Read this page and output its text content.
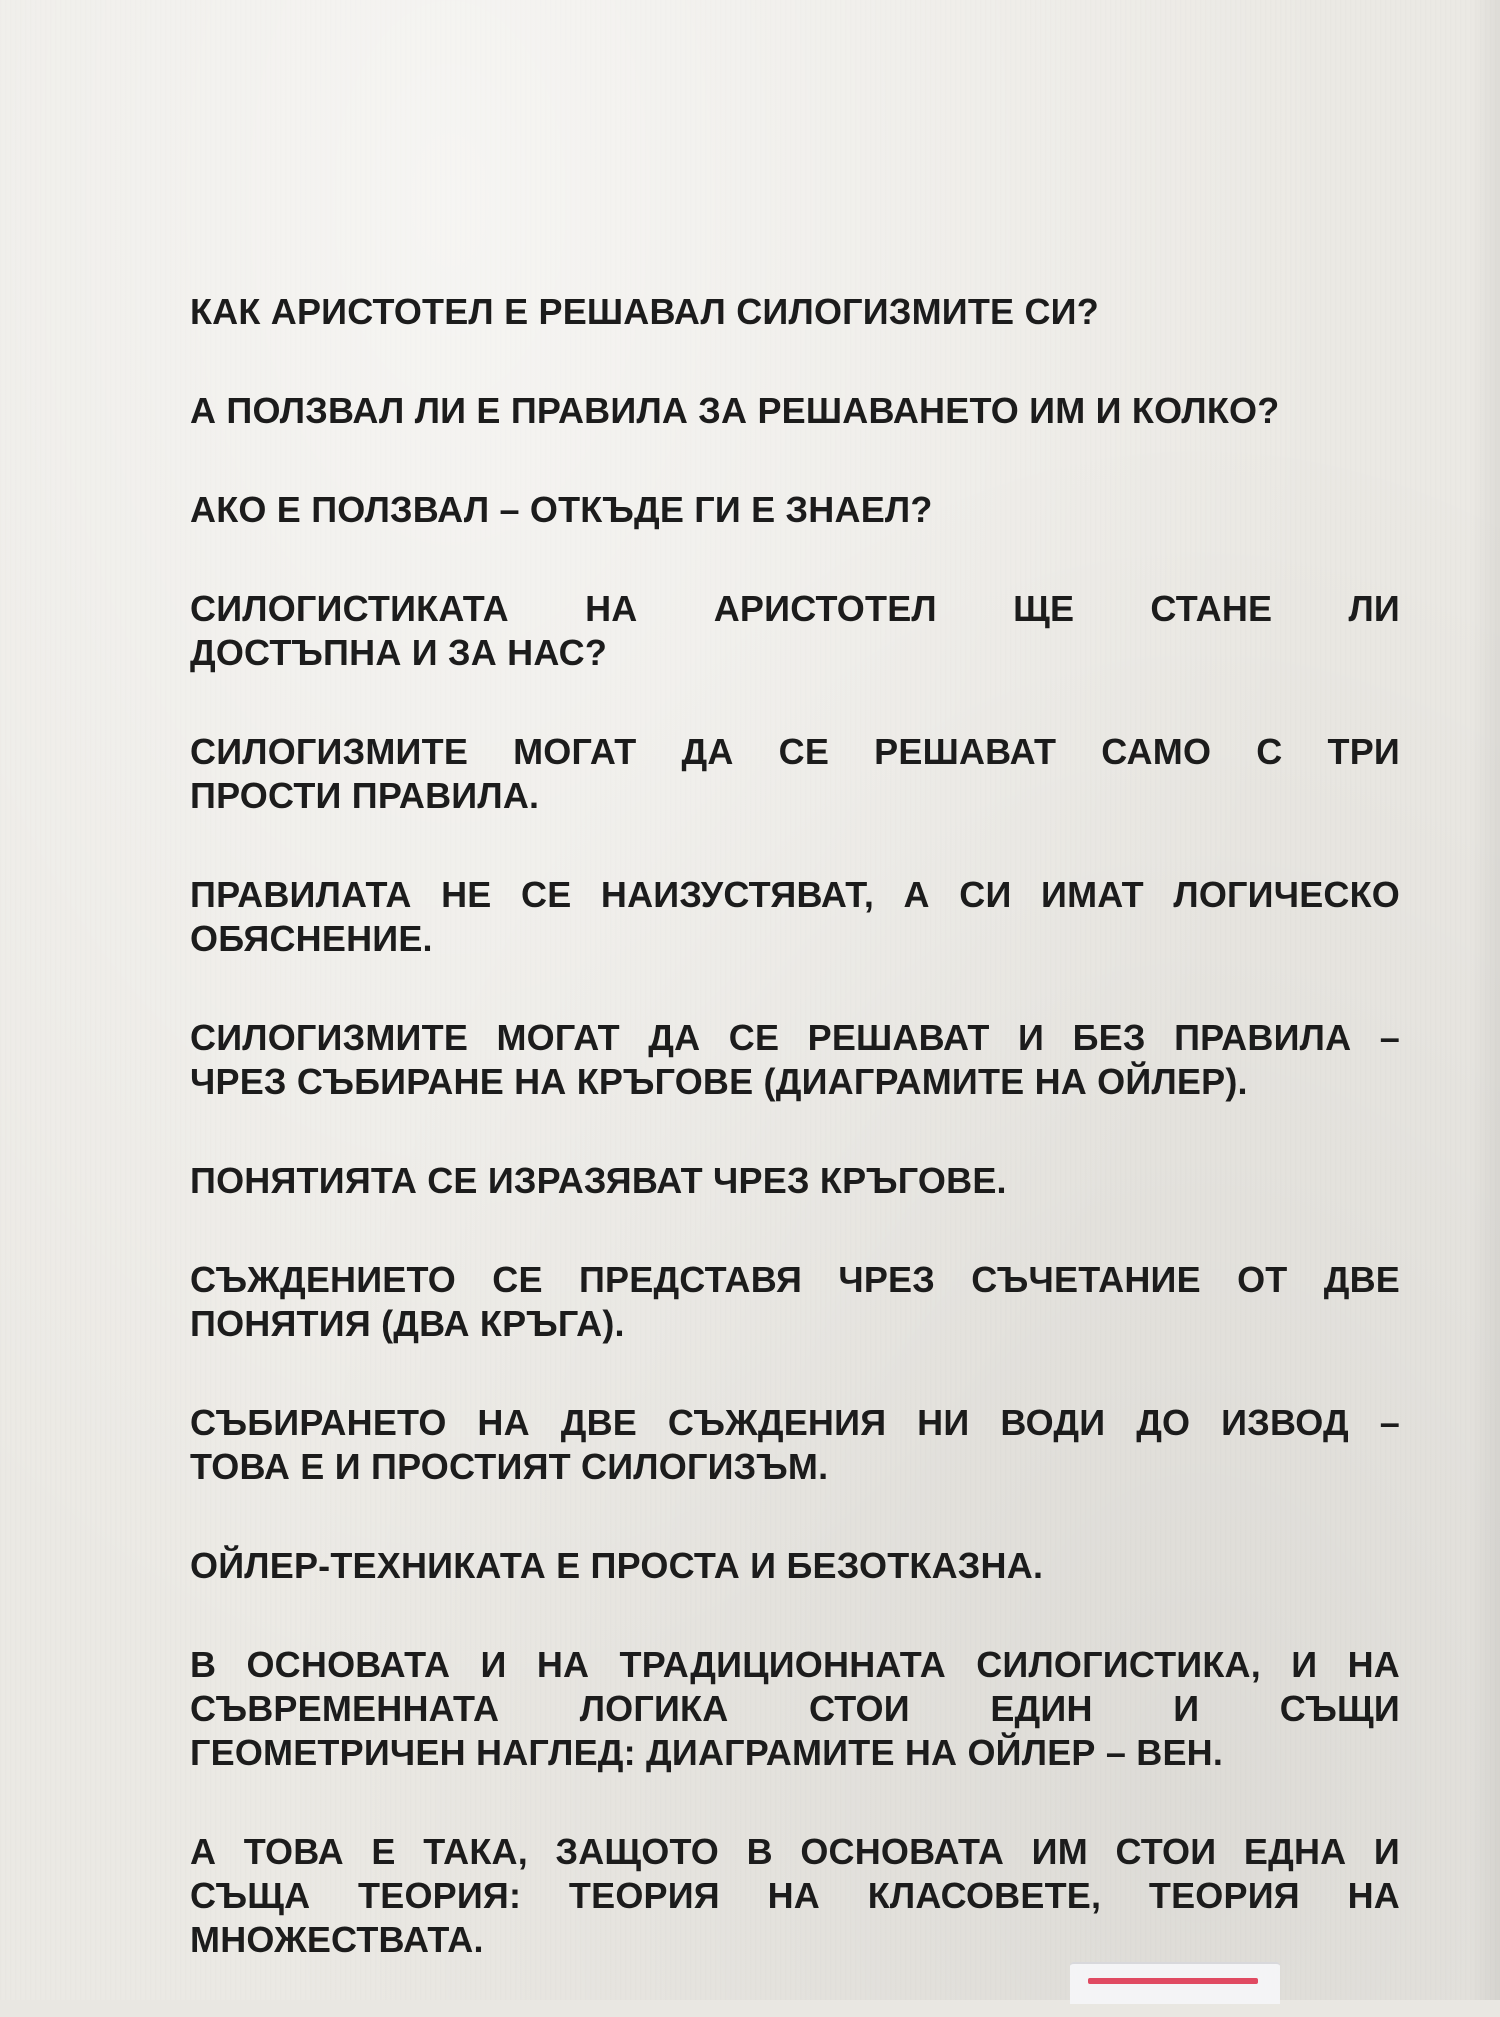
КАК АРИСТОТЕЛ Е РЕШАВАЛ СИЛОГИЗМИТЕ СИ?

А ПОЛЗВАЛ ЛИ Е ПРАВИЛА ЗА РЕШАВАНЕТО ИМ И КОЛКО?

АКО Е ПОЛЗВАЛ – ОТКЪДЕ ГИ Е ЗНАЕЛ?

СИЛОГИСТИКАТА НА АРИСТОТЕЛ ЩЕ СТАНЕ ЛИ
ДОСТЪПНА И ЗА НАС?

СИЛОГИЗМИТЕ МОГАТ ДА СЕ РЕШАВАТ САМО С ТРИ
ПРОСТИ ПРАВИЛА.

ПРАВИЛАТА НЕ СЕ НАИЗУСТЯВАТ, А СИ ИМАТ ЛОГИЧЕСКО
ОБЯСНЕНИЕ.

СИЛОГИЗМИТЕ МОГАТ ДА СЕ РЕШАВАТ И БЕЗ ПРАВИЛА –
ЧРЕЗ СЪБИРАНЕ НА КРЪГОВЕ (ДИАГРАМИТЕ НА ОЙЛЕР).

ПОНЯТИЯТА СЕ ИЗРАЗЯВАТ ЧРЕЗ КРЪГОВЕ.

СЪЖДЕНИЕТО СЕ ПРЕДСТАВЯ ЧРЕЗ СЪЧЕТАНИЕ ОТ ДВЕ
ПОНЯТИЯ (ДВА КРЪГА).

СЪБИРАНЕТО НА ДВЕ СЪЖДЕНИЯ НИ ВОДИ ДО ИЗВОД –
ТОВА Е И ПРОСТИЯТ СИЛОГИЗЪМ.

ОЙЛЕР-ТЕХНИКАТА Е ПРОСТА И БЕЗОТКАЗНА.

В ОСНОВАТА И НА ТРАДИЦИОННАТА СИЛОГИСТИКА, И НА
СЪВРЕМЕННАТА ЛОГИКА СТОИ ЕДИН И СЪЩИ
ГЕОМЕТРИЧЕН НАГЛЕД: ДИАГРАМИТЕ НА ОЙЛЕР – ВЕН.

А ТОВА Е ТАКА, ЗАЩОТО В ОСНОВАТА ИМ СТОИ ЕДНА И
СЪЩА ТЕОРИЯ: ТЕОРИЯ НА КЛАСОВЕТЕ, ТЕОРИЯ НА
МНОЖЕСТВАТА.
